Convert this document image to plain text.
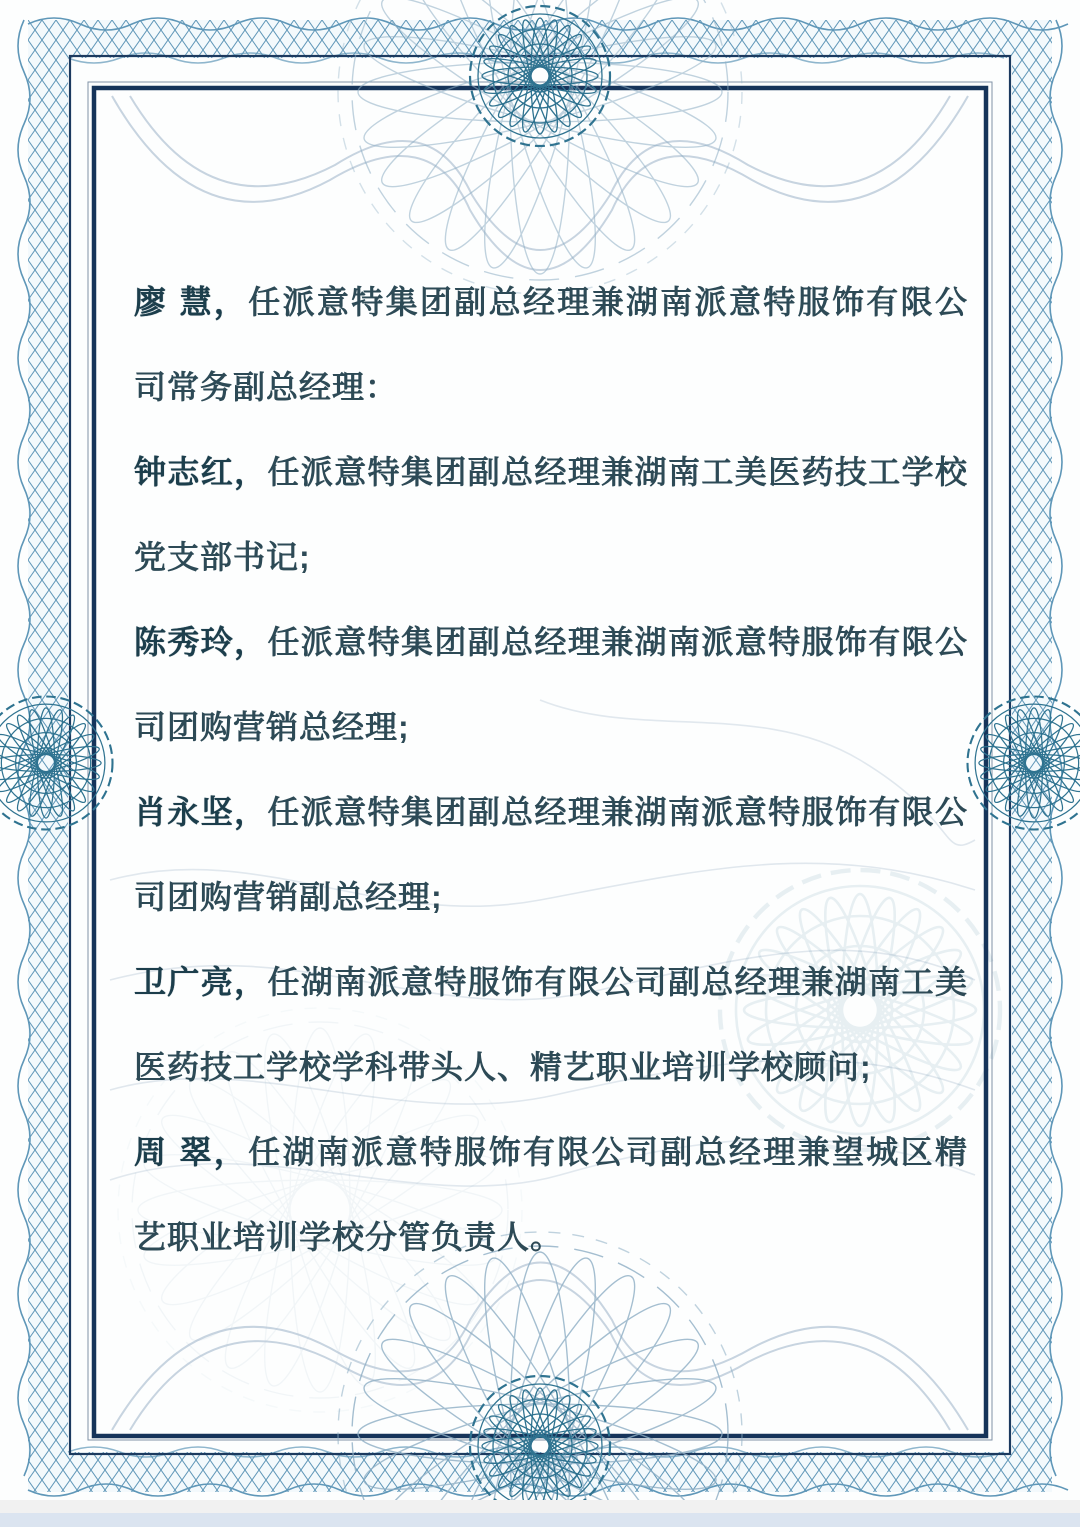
廖 慧，任派意特集团副总经理兼湖南派意特服饰有限公司常务副总经理：

钟志红，任派意特集团副总经理兼湖南工美医药技工学校党支部书记;

陈秀玲，任派意特集团副总经理兼湖南派意特服饰有限公司团购营销总经理;

肖永坚，任派意特集团副总经理兼湖南派意特服饰有限公司团购营销副总经理;

卫广亮，任湖南派意特服饰有限公司副总经理兼湖南工美医药技工学校学科带头人、精艺职业培训学校顾问;

周 翠，任湖南派意特服饰有限公司副总经理兼望城区精艺职业培训学校分管负责人。
